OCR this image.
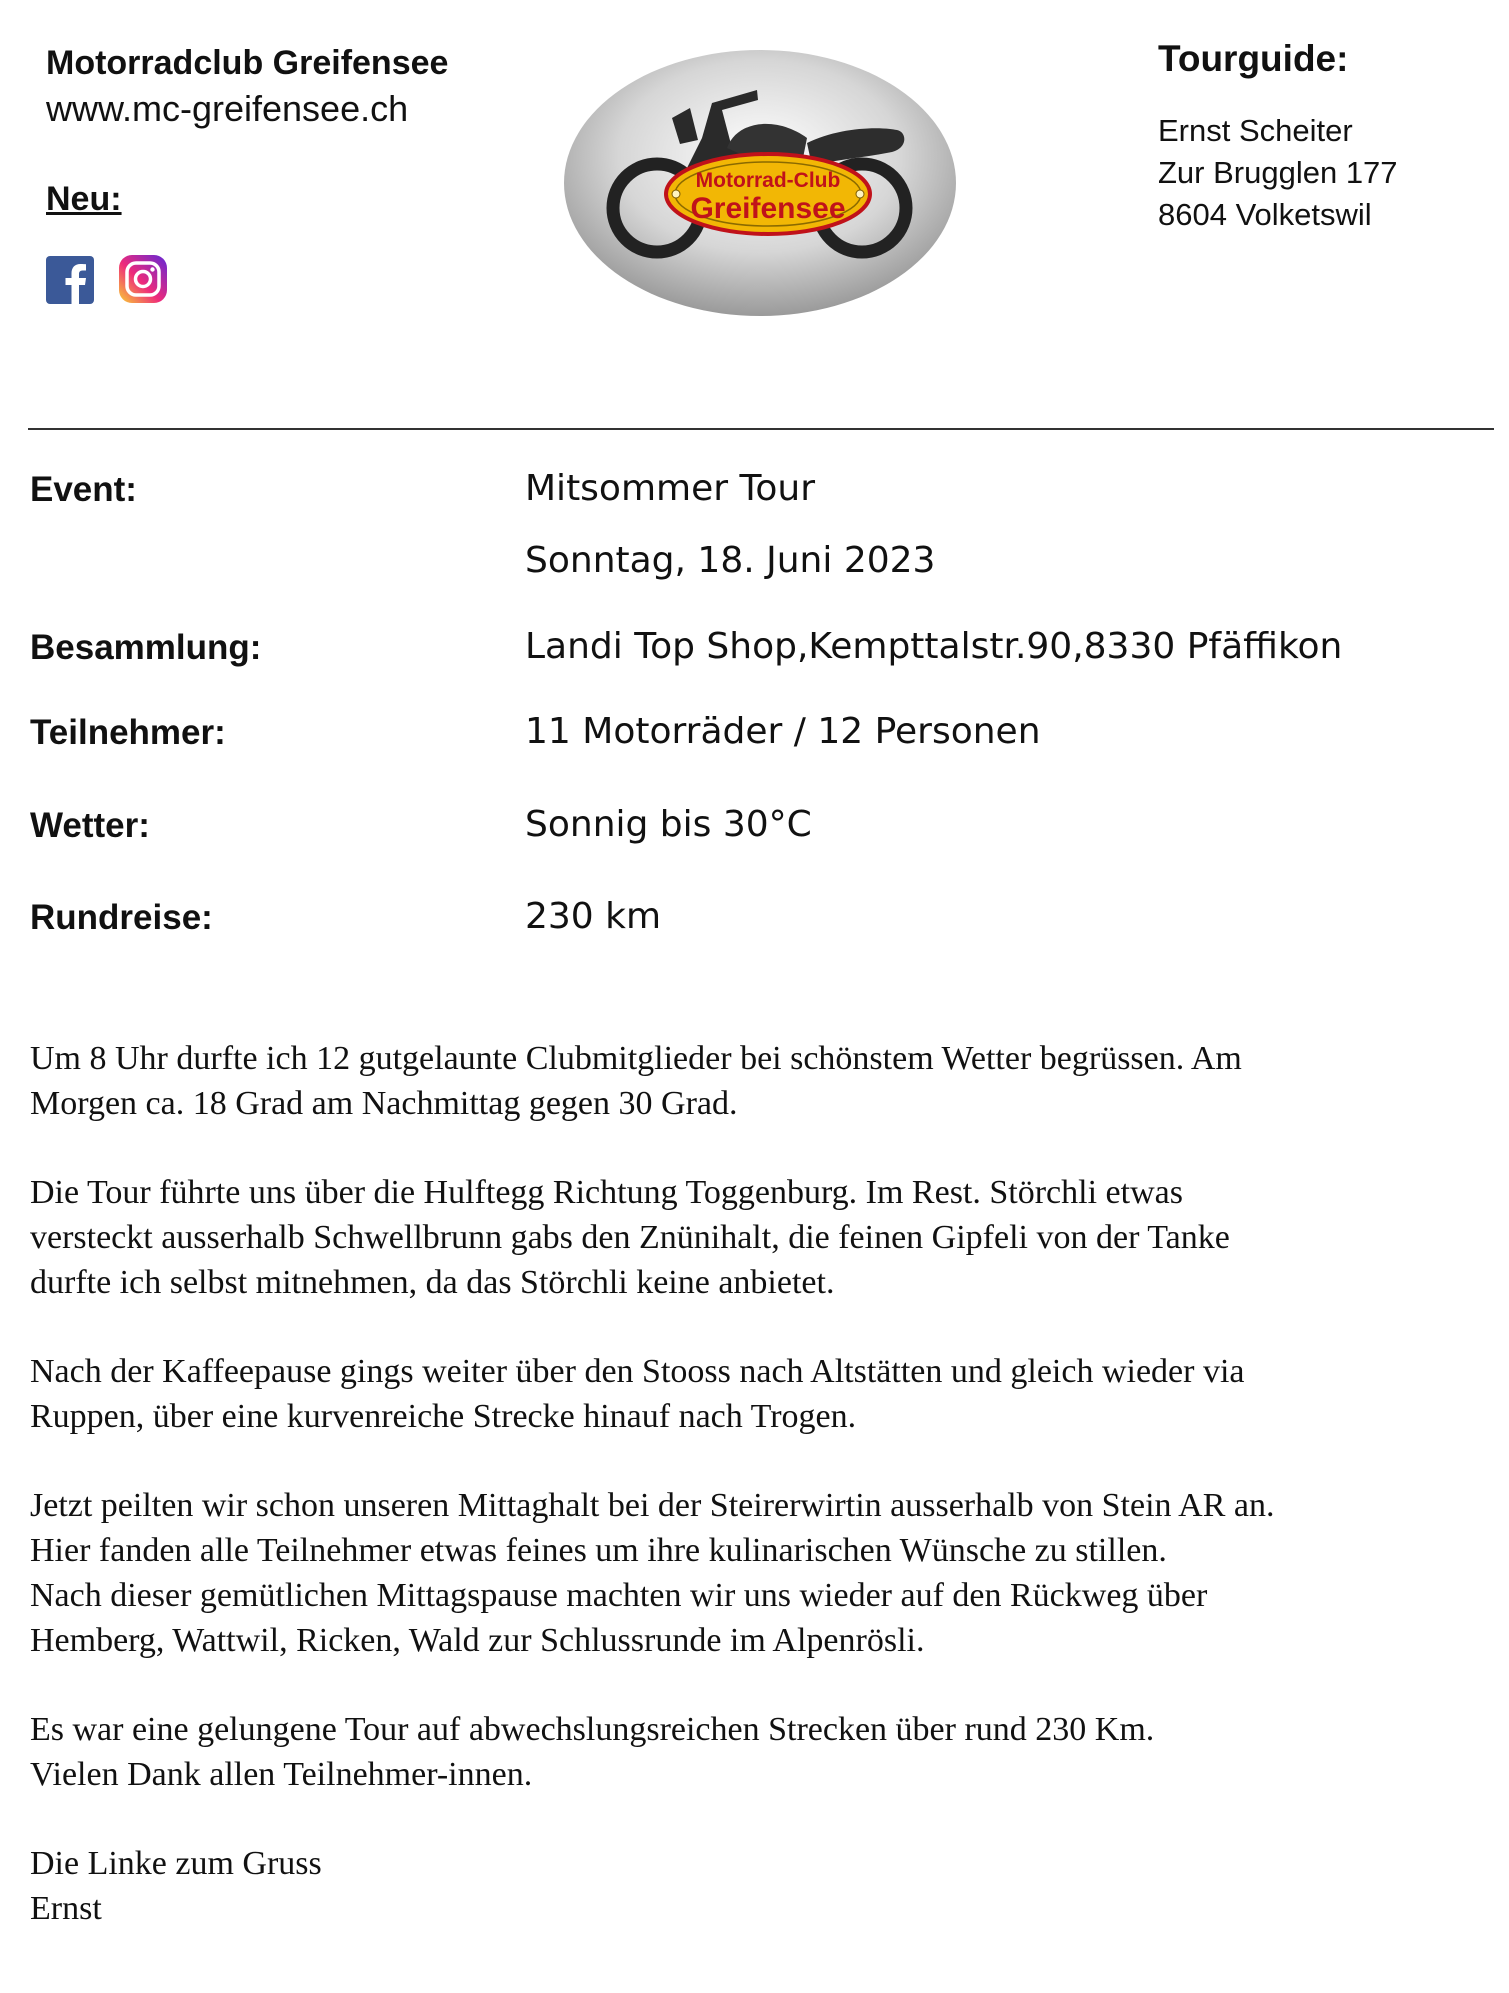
Motorradclub Greifensee
www.mc-greifensee.ch
Neu:	Motorrad-Club
Greifensee
Tourguide:
Ernst Scheiter
Zur Brugglen 177
8604 Volketswil
Event:	Mitsommer Tour
Sonntag, 18. Juni 2023
Besammlung:	Landi Top Shop,Kempttalstr.90,8330 Pfäffikon
Teilnehmer:	11 Motorräder / 12 Personen
Wetter:	Sonnig bis 30°C
Rundreise:	230 km

Um 8 Uhr durfte ich 12 gutgelaunte Clubmitglieder bei schönstem Wetter begrüssen. Am
Morgen ca. 18 Grad am Nachmittag gegen 30 Grad.

Die Tour führte uns über die Hulftegg Richtung Toggenburg. Im Rest. Störchli etwas
versteckt ausserhalb Schwellbrunn gabs den Znünihalt, die feinen Gipfeli von der Tanke
durfte ich selbst mitnehmen, da das Störchli keine anbietet.

Nach der Kaffeepause gings weiter über den Stooss nach Altstätten und gleich wieder via
Ruppen, über eine kurvenreiche Strecke hinauf nach Trogen.

Jetzt peilten wir schon unseren Mittaghalt bei der Steirerwirtin ausserhalb von Stein AR an.
Hier fanden alle Teilnehmer etwas feines um ihre kulinarischen Wünsche zu stillen.
Nach dieser gemütlichen Mittagspause machten wir uns wieder auf den Rückweg über
Hemberg, Wattwil, Ricken, Wald zur Schlussrunde im Alpenrösli.

Es war eine gelungene Tour auf abwechslungsreichen Strecken über rund 230 Km.
Vielen Dank allen Teilnehmer-innen.

Die Linke zum Gruss
Ernst
